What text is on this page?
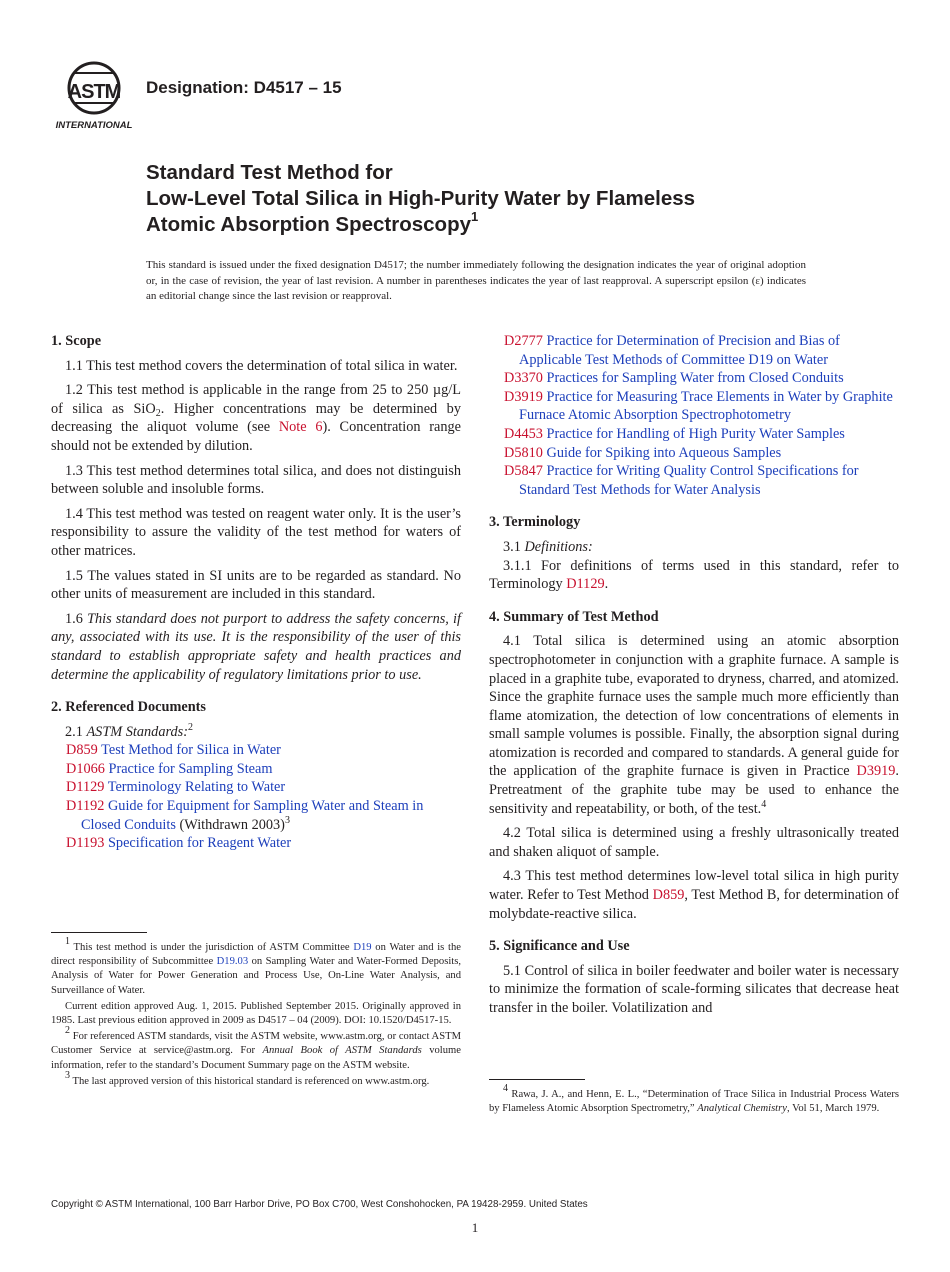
ASTM
INTERNATIONAL
Designation: D4517 – 15
Standard Test Method for
Low-Level Total Silica in High-Purity Water by Flameless
Atomic Absorption Spectroscopy$^1$
This standard is issued under the fixed designation D4517; the number immediately following the designation indicates the year of original adoption or, in the case of revision, the year of last revision. A number in parentheses indicates the year of last reapproval. A superscript epsilon (ε) indicates an editorial change since the last revision or reapproval.
1. Scope

1.1 This test method covers the determination of total silica in water.

1.2 This test method is applicable in the range from 25 to 250 µg/L of silica as SiO$_2$. Higher concentrations may be determined by decreasing the aliquot volume (see Note 6). Concentration range should not be extended by dilution.

1.3 This test method determines total silica, and does not distinguish between soluble and insoluble forms.

1.4 This test method was tested on reagent water only. It is the user’s responsibility to assure the validity of the test method for waters of other matrices.

1.5 The values stated in SI units are to be regarded as standard. No other units of measurement are included in this standard.

1.6 This standard does not purport to address the safety concerns, if any, associated with its use. It is the responsibility of the user of this standard to establish appropriate safety and health practices and determine the applicability of regulatory limitations prior to use.

2. Referenced Documents

2.1 ASTM Standards:$^2$

D859 Test Method for Silica in Water

D1066 Practice for Sampling Steam

D1129 Terminology Relating to Water

D1192 Guide for Equipment for Sampling Water and Steam in Closed Conduits (Withdrawn 2003)$^3$

D1193 Specification for Reagent Water

1 This test method is under the jurisdiction of ASTM Committee D19 on Water and is the direct responsibility of Subcommittee D19.03 on Sampling Water and Water-Formed Deposits, Analysis of Water for Power Generation and Process Use, On-Line Water Analysis, and Surveillance of Water.

Current edition approved Aug. 1, 2015. Published September 2015. Originally approved in 1985. Last previous edition approved in 2009 as D4517 – 04 (2009). DOI: 10.1520/D4517-15.

2 For referenced ASTM standards, visit the ASTM website, www.astm.org, or contact ASTM Customer Service at service@astm.org. For Annual Book of ASTM Standards volume information, refer to the standard’s Document Summary page on the ASTM website.

3 The last approved version of this historical standard is referenced on www.astm.org.

D2777 Practice for Determination of Precision and Bias of Applicable Test Methods of Committee D19 on Water

D3370 Practices for Sampling Water from Closed Conduits

D3919 Practice for Measuring Trace Elements in Water by Graphite Furnace Atomic Absorption Spectrophotometry

D4453 Practice for Handling of High Purity Water Samples

D5810 Guide for Spiking into Aqueous Samples

D5847 Practice for Writing Quality Control Specifications for Standard Test Methods for Water Analysis

3. Terminology

3.1 Definitions:

3.1.1 For definitions of terms used in this standard, refer to Terminology D1129.

4. Summary of Test Method

4.1 Total silica is determined using an atomic absorption spectrophotometer in conjunction with a graphite furnace. A sample is placed in a graphite tube, evaporated to dryness, charred, and atomized. Since the graphite furnace uses the sample much more efficiently than flame atomization, the detection of low concentrations of elements in small sample volumes is possible. Finally, the absorption signal during atomization is recorded and compared to standards. A general guide for the application of the graphite furnace is given in Practice D3919. Pretreatment of the graphite tube may be used to enhance the sensitivity and repeatability, or both, of the test.$^4$

4.2 Total silica is determined using a freshly ultrasonically treated and shaken aliquot of sample.

4.3 This test method determines low-level total silica in high purity water. Refer to Test Method D859, Test Method B, for determination of molybdate-reactive silica.

5. Significance and Use

5.1 Control of silica in boiler feedwater and boiler water is necessary to minimize the formation of scale-forming silicates that decrease heat transfer in the boiler. Volatilization and

4 Rawa, J. A., and Henn, E. L., “Determination of Trace Silica in Industrial Process Waters by Flameless Atomic Absorption Spectrometry,” Analytical Chemistry, Vol 51, March 1979.

Copyright © ASTM International, 100 Barr Harbor Drive, PO Box C700, West Conshohocken, PA 19428-2959. United States
1
